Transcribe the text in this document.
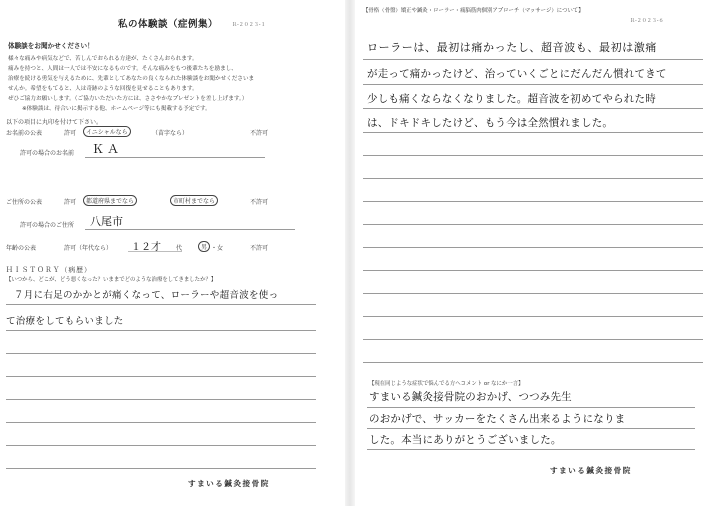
私の体験談（症例集）	Ｒ-２０２３-１
体験談をお聞かせください！
様々な痛みや病気などで、苦しんでおられる方達が、たくさんおられます。
痛みを持つと、人間は一人では不安になるものです。そんな痛みをもつ後輩たちを励まし、
治療を続ける勇気を与えるために、先輩としてあなたの良くなられた体験談をお聞かせくださいま
せんか。希望をもてると、人は奇跡のような回復を見せることもあります。
ぜひご協力お願いします。（ご協力いただいた方には、ささやかなプレゼントを差し上げます。）
※体験談は、待合いに掲示する他、ホームページ等にも掲載する予定です。
以下の項目に丸印を付けて下さい。
お名前の公表	許可	イニシャルなら	（苗字なら）	不許可
許可の場合のお名前 ＫＡ
ご住所の公表	許可	都道府県までなら	市町村までなら	不許可
許可の場合のご住所 八尾市
年齢の公表	許可（年代なら） １２才	代	男 ・ 女	不許可
ＨＩＳＴＯＲＹ（病歴）
【いつから、どこが、どう悪くなった？いままでどのような治療をしてきましたか？】
７月に右足のかかとが痛くなって、ローラーや超音波を使っ
て治療をしてもらいました
すまいる鍼灸接骨院
【骨格（骨盤）矯正や鍼灸・ローラー・痛脳筋肉個別アプローチ（マッサージ）について】
Ｒ-２０２３-６
ローラーは、最初は痛かったし、超音波も、最初は激痛
が走って痛かったけど、治っていくごとにだんだん慣れてきて
少しも痛くならなくなりました。超音波を初めてやられた時
は、ドキドキしたけど、もう今は全然慣れました。
【現在同じような症状で悩んでる方へコメント or なにか一言】
すまいる鍼灸接骨院のおかげ、つつみ先生
のおかげで、サッカーをたくさん出来るようになりま
した。本当にありがとうございました。
すまいる鍼灸接骨院
